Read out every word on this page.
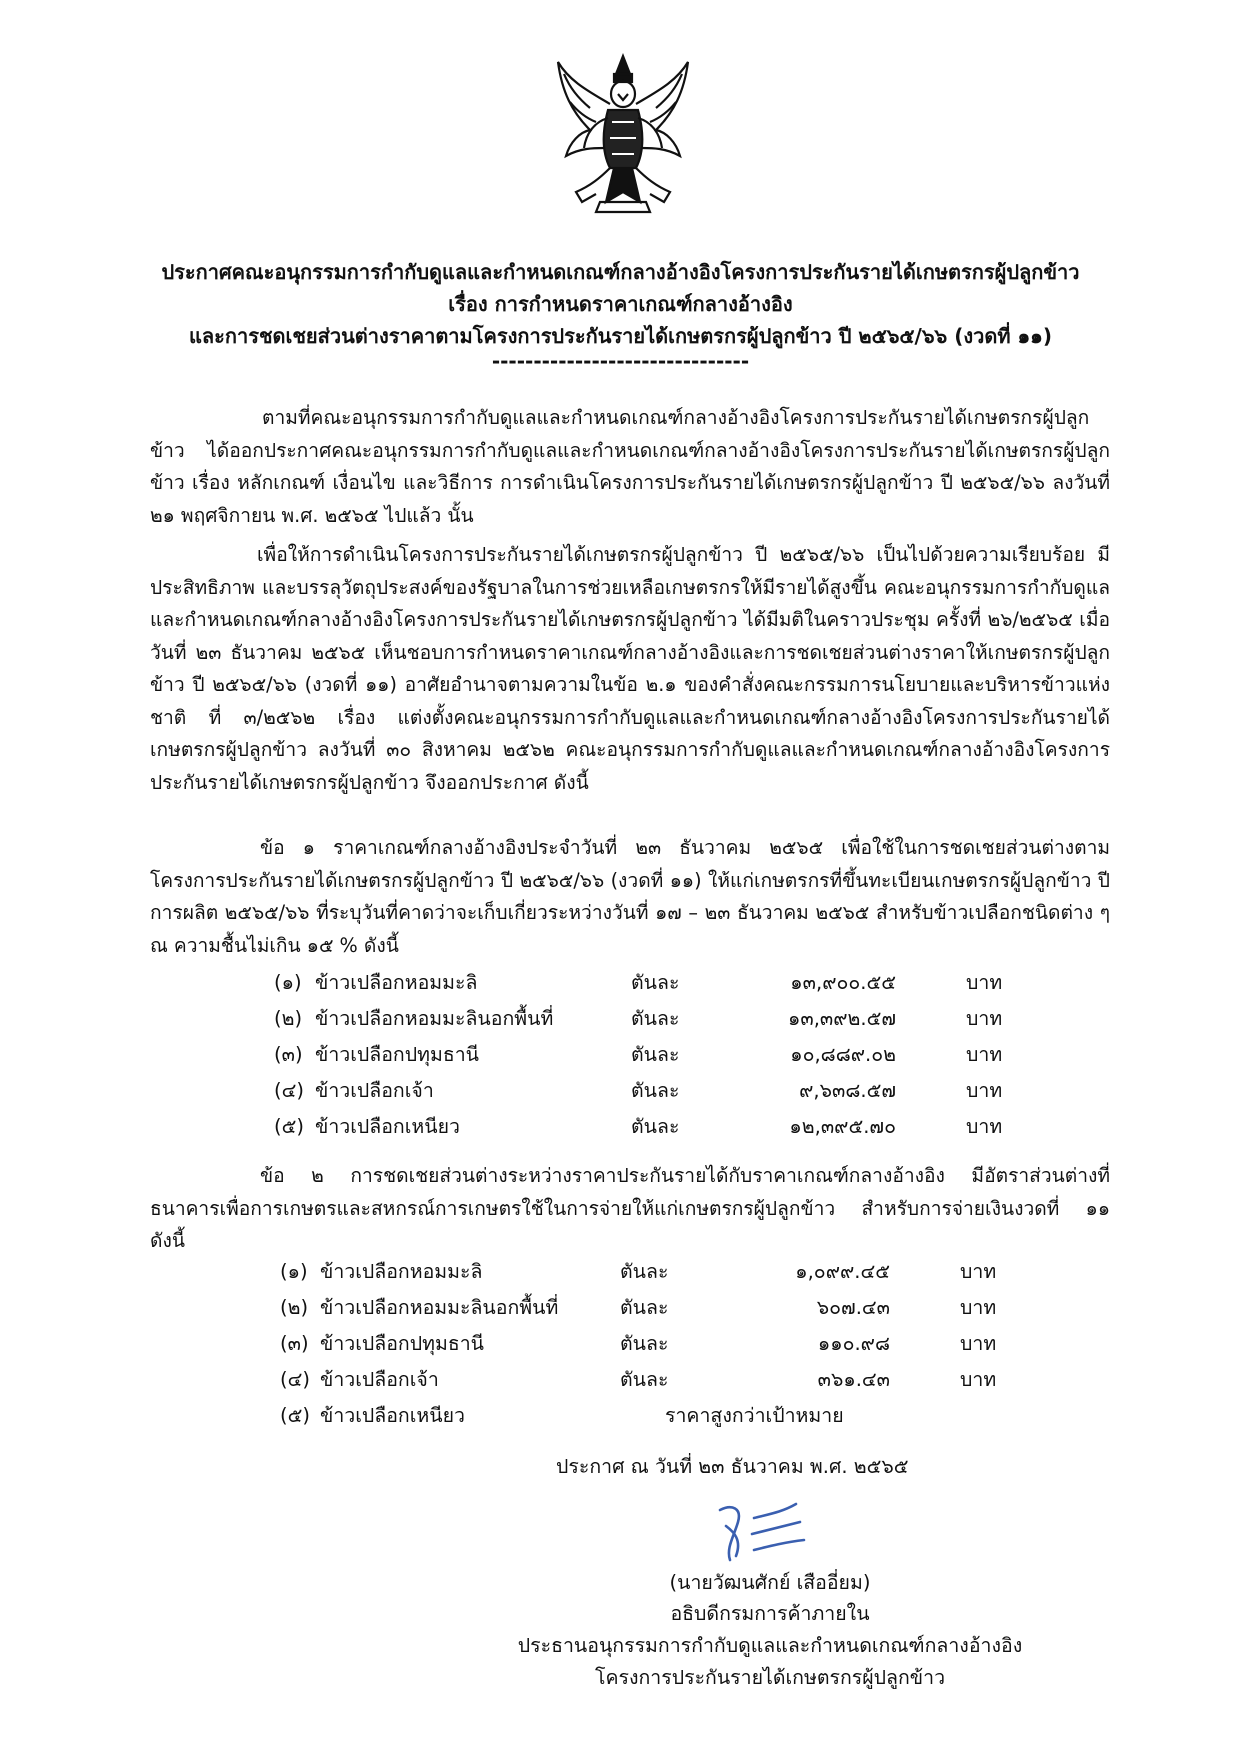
ประกาศคณะอนุกรรมการกำกับดูแลและกำหนดเกณฑ์กลางอ้างอิงโครงการประกันรายได้เกษตรกรผู้ปลูกข้าว
เรื่อง การกำหนดราคาเกณฑ์กลางอ้างอิง
และการชดเชยส่วนต่างราคาตามโครงการประกันรายได้เกษตรกรผู้ปลูกข้าว ปี ๒๕๖๕/๖๖ (งวดที่ ๑๑)
-------------------------------
ตามที่คณะอนุกรรมการกำกับดูแลและกำหนดเกณฑ์กลางอ้างอิงโครงการประกันรายได้เกษตรกรผู้ปลูกข้าว ได้ออกประกาศคณะอนุกรรมการกำกับดูแลและกำหนดเกณฑ์กลางอ้างอิงโครงการประกันรายได้เกษตรกรผู้ปลูกข้าว เรื่อง หลักเกณฑ์ เงื่อนไข และวิธีการ การดำเนินโครงการประกันรายได้เกษตรกรผู้ปลูกข้าว ปี ๒๕๖๕/๖๖ ลงวันที่ ๒๑ พฤศจิกายน พ.ศ. ๒๕๖๕ ไปแล้ว นั้น
เพื่อให้การดำเนินโครงการประกันรายได้เกษตรกรผู้ปลูกข้าว ปี ๒๕๖๕/๖๖ เป็นไปด้วยความเรียบร้อย มีประสิทธิภาพ และบรรลุวัตถุประสงค์ของรัฐบาลในการช่วยเหลือเกษตรกรให้มีรายได้สูงขึ้น คณะอนุกรรมการกำกับดูแลและกำหนดเกณฑ์กลางอ้างอิงโครงการประกันรายได้เกษตรกรผู้ปลูกข้าว ได้มีมติในคราวประชุม ครั้งที่ ๒๖/๒๕๖๕ เมื่อวันที่ ๒๓ ธันวาคม ๒๕๖๕ เห็นชอบการกำหนดราคาเกณฑ์กลางอ้างอิงและการชดเชยส่วนต่างราคาให้เกษตรกรผู้ปลูกข้าว ปี ๒๕๖๕/๖๖ (งวดที่ ๑๑) อาศัยอำนาจตามความในข้อ ๒.๑ ของคำสั่งคณะกรรมการนโยบายและบริหารข้าวแห่งชาติ ที่ ๓/๒๕๖๒ เรื่อง แต่งตั้งคณะอนุกรรมการกำกับดูแลและกำหนดเกณฑ์กลางอ้างอิงโครงการประกันรายได้เกษตรกรผู้ปลูกข้าว ลงวันที่ ๓๐ สิงหาคม ๒๕๖๒ คณะอนุกรรมการกำกับดูแลและกำหนดเกณฑ์กลางอ้างอิงโครงการประกันรายได้เกษตรกรผู้ปลูกข้าว จึงออกประกาศ ดังนี้
ข้อ ๑ ราคาเกณฑ์กลางอ้างอิงประจำวันที่ ๒๓ ธันวาคม ๒๕๖๕ เพื่อใช้ในการชดเชยส่วนต่างตามโครงการประกันรายได้เกษตรกรผู้ปลูกข้าว ปี ๒๕๖๕/๖๖ (งวดที่ ๑๑) ให้แก่เกษตรกรที่ขึ้นทะเบียนเกษตรกรผู้ปลูกข้าว ปีการผลิต ๒๕๖๕/๖๖ ที่ระบุวันที่คาดว่าจะเก็บเกี่ยวระหว่างวันที่ ๑๗ – ๒๓ ธันวาคม ๒๕๖๕ สำหรับข้าวเปลือกชนิดต่าง ๆ ณ ความชื้นไม่เกิน ๑๕ % ดังนี้
(๑) ข้าวเปลือกหอมมะลิ	ตันละ	๑๓,๙๐๐.๕๕	บาท
(๒) ข้าวเปลือกหอมมะลินอกพื้นที่	ตันละ	๑๓,๓๙๒.๕๗	บาท
(๓) ข้าวเปลือกปทุมธานี	ตันละ	๑๐,๘๘๙.๐๒	บาท
(๔) ข้าวเปลือกเจ้า	ตันละ	๙,๖๓๘.๕๗	บาท
(๕) ข้าวเปลือกเหนียว	ตันละ	๑๒,๓๙๕.๗๐	บาท
ข้อ ๒ การชดเชยส่วนต่างระหว่างราคาประกันรายได้กับราคาเกณฑ์กลางอ้างอิง มีอัตราส่วนต่างที่ธนาคารเพื่อการเกษตรและสหกรณ์การเกษตรใช้ในการจ่ายให้แก่เกษตรกรผู้ปลูกข้าว สำหรับการจ่ายเงินงวดที่ ๑๑ ดังนี้
(๑) ข้าวเปลือกหอมมะลิ	ตันละ	๑,๐๙๙.๔๕	บาท
(๒) ข้าวเปลือกหอมมะลินอกพื้นที่	ตันละ	๖๐๗.๔๓	บาท
(๓) ข้าวเปลือกปทุมธานี	ตันละ	๑๑๐.๙๘	บาท
(๔) ข้าวเปลือกเจ้า	ตันละ	๓๖๑.๔๓	บาท
(๕) ข้าวเปลือกเหนียว	ราคาสูงกว่าเป้าหมาย
ประกาศ ณ วันที่ ๒๓ ธันวาคม พ.ศ. ๒๕๖๕
(นายวัฒนศักย์ เสืออี่ยม)
อธิบดีกรมการค้าภายใน
ประธานอนุกรรมการกำกับดูแลและกำหนดเกณฑ์กลางอ้างอิง
โครงการประกันรายได้เกษตรกรผู้ปลูกข้าว
